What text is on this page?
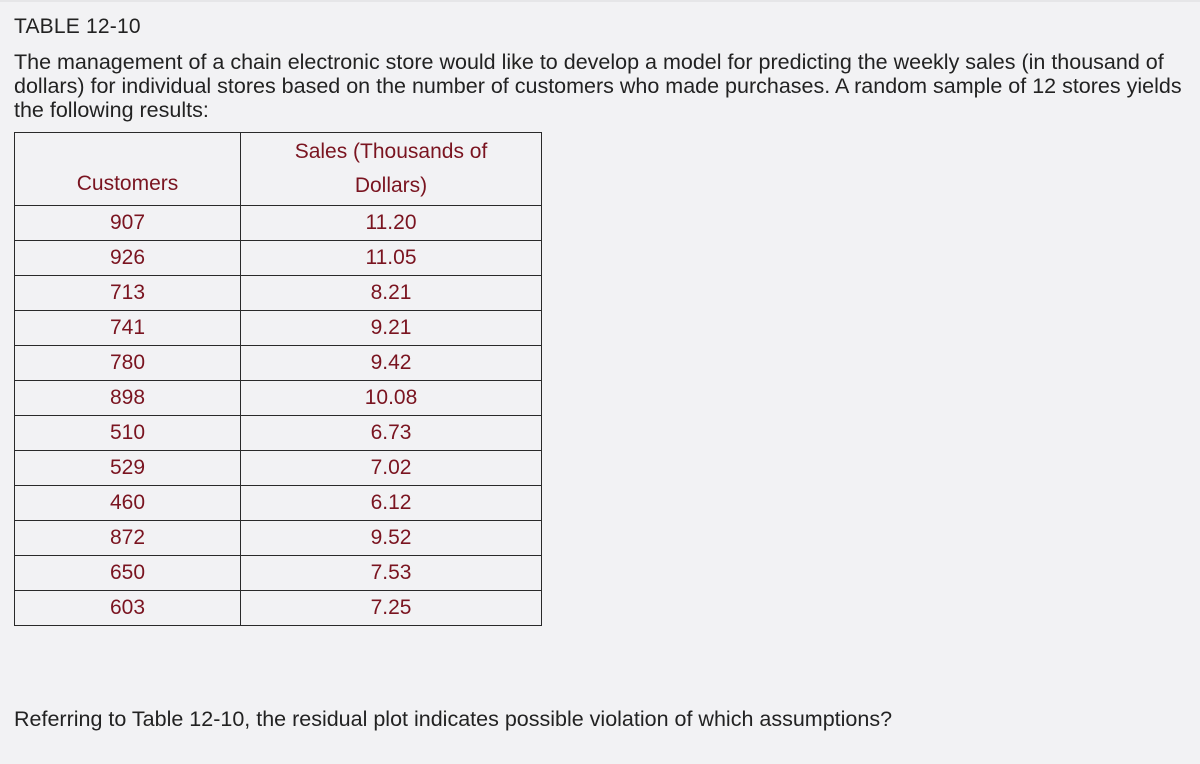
TABLE 12-10

The management of a chain electronic store would like to develop a model for predicting the weekly sales (in thousand of dollars) for individual stores based on the number of customers who made purchases. A random sample of 12 stores yields the following results:

Customers	Sales (Thousands of
Dollars)
907	11.20
926	11.05
713	8.21
741	9.21
780	9.42
898	10.08
510	6.73
529	7.02
460	6.12
872	9.52
650	7.53
603	7.25

Referring to Table 12-10, the residual plot indicates possible violation of which assumptions?
